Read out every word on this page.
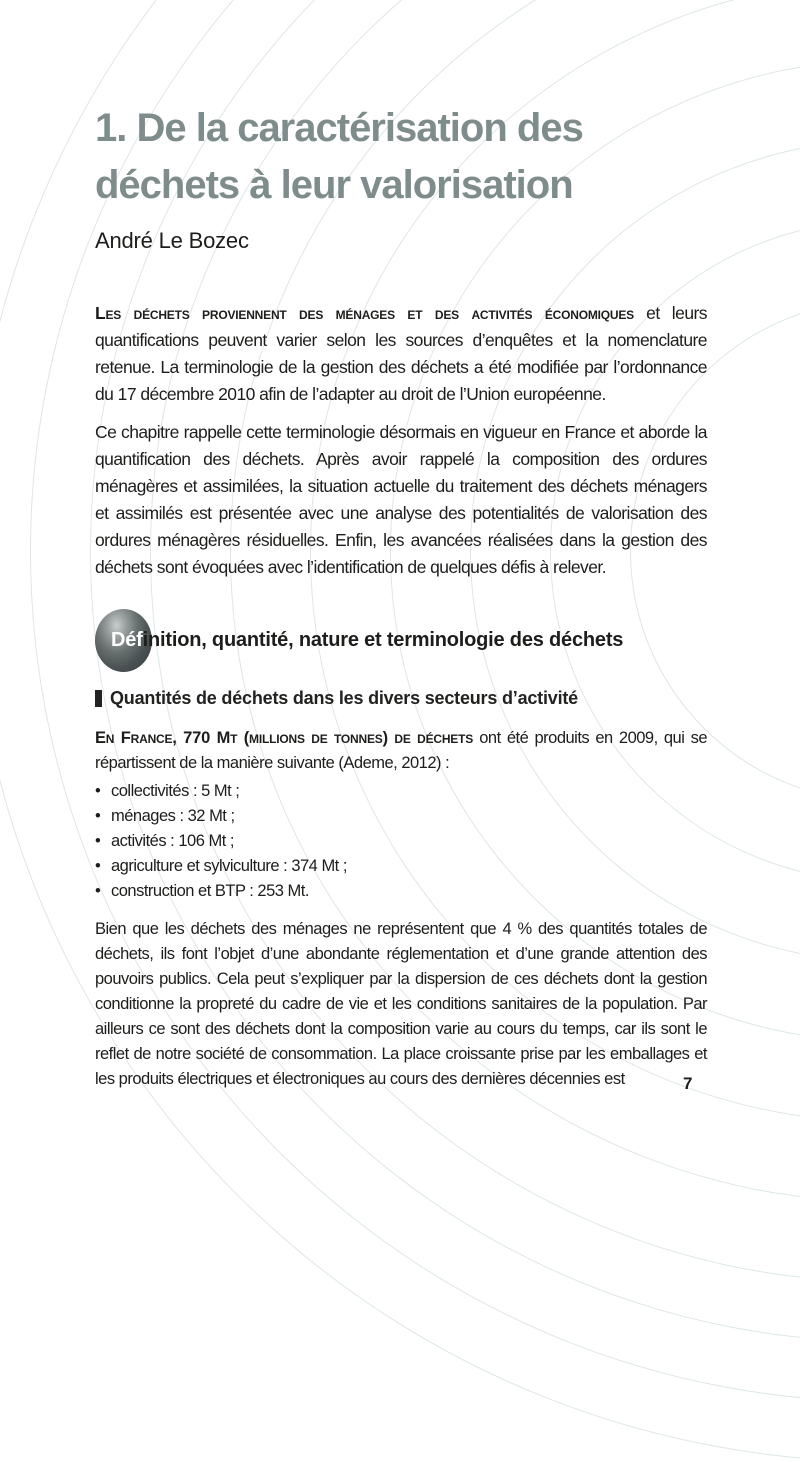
1. De la caractérisation des
déchets à leur valorisation
André Le Bozec

Les déchets proviennent des ménages et des activités économiques et leurs quantifications peuvent varier selon les sources d’enquêtes et la nomenclature retenue. La terminologie de la gestion des déchets a été modifiée par l’ordonnance du 17 décembre 2010 afin de l’adapter au droit de l’Union européenne.

Ce chapitre rappelle cette terminologie désormais en vigueur en France et aborde la quantification des déchets. Après avoir rappelé la composition des ordures ménagères et assimilées, la situation actuelle du traitement des déchets ménagers et assimilés est présentée avec une analyse des potentialités de valorisation des ordures ménagères résiduelles. Enfin, les avancées réalisées dans la gestion des déchets sont évoquées avec l’identification de quelques défis à relever.

Définition, quantité, nature et terminologie des déchets
Quantités de déchets dans les divers secteurs d’activité

En France, 770 Mt (millions de tonnes) de déchets ont été produits en 2009, qui se répartissent de la manière suivante (Ademe, 2012) :

• collectivités : 5 Mt ;
• ménages : 32 Mt ;
• activités : 106 Mt ;
• agriculture et sylviculture : 374 Mt ;
• construction et BTP : 253 Mt.

Bien que les déchets des ménages ne représentent que 4 % des quantités totales de déchets, ils font l’objet d’une abondante réglementation et d’une grande attention des pouvoirs publics. Cela peut s’expliquer par la dispersion de ces déchets dont la gestion conditionne la propreté du cadre de vie et les conditions sanitaires de la population. Par ailleurs ce sont des déchets dont la composition varie au cours du temps, car ils sont le reflet de notre société de consommation. La place croissante prise par les emballages et les produits électriques et électroniques au cours des dernières décennies est	7
